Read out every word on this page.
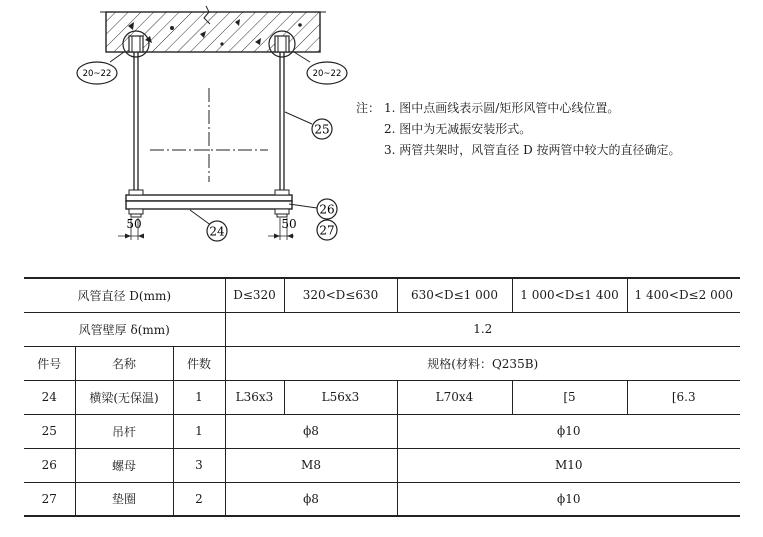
20~22	20~22
25
24
26
27
50	50
注： 1. 图中点画线表示圆/矩形风管中心线位置。
2. 图中为无减振安装形式。
3. 两管共架时，风管直径 D 按两管中较大的直径确定。
风管直径 D(mm)			D≤320	320<D≤630	630<D≤1 000	1 000<D≤1 400	1 400<D≤2 000
风管壁厚 δ(mm)			1.2				
件号	名称	件数	规格(材料：Q235B)				
24	横梁(无保温)	1	L36x3	L56x3	L70x4	[5	[6.3
25	吊杆	1	ϕ8		ϕ10		
26	螺母	3	M8		M10		
27	垫圈	2	ϕ8		ϕ10		
